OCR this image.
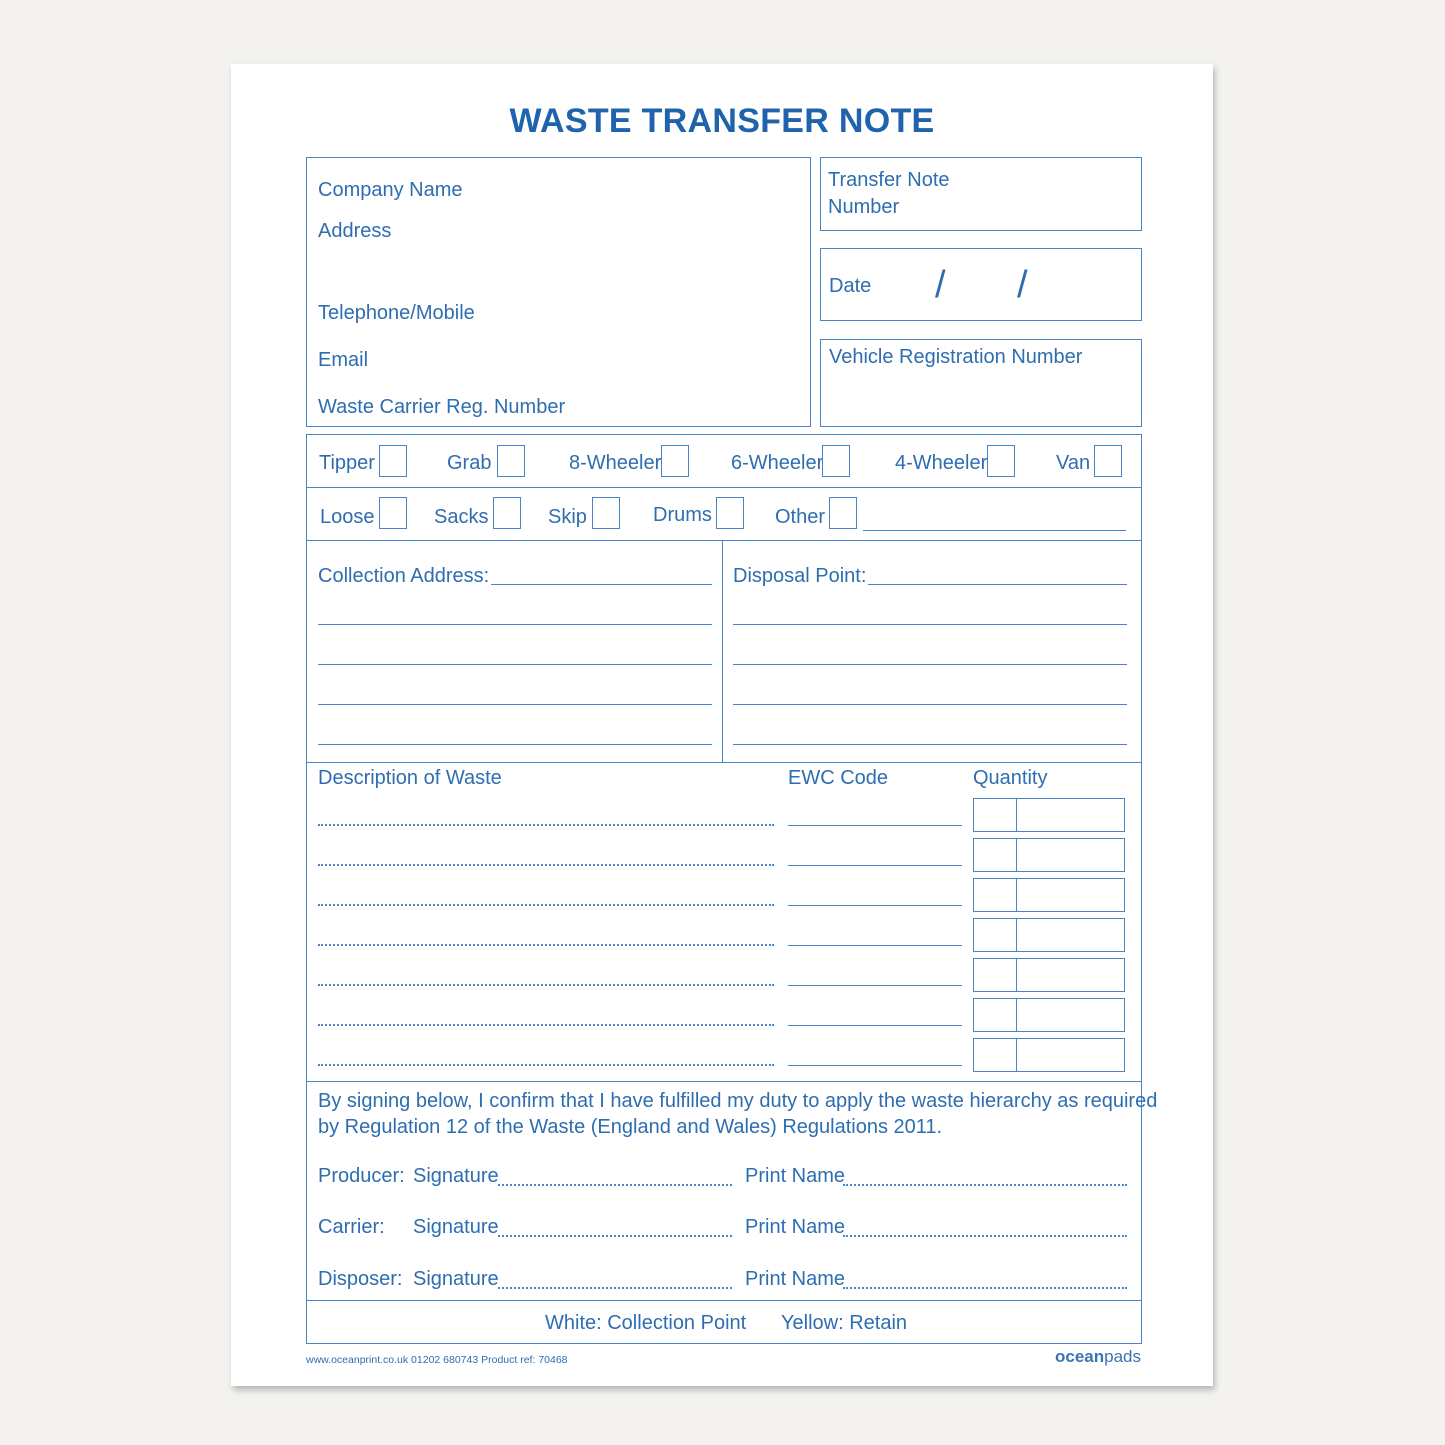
WASTE TRANSFER NOTE
Company Name
Address
Telephone/Mobile
Email
Waste Carrier Reg. Number
Transfer Note
Number
Date / /
Vehicle Registration Number
Tipper	Grab	8-Wheeler	6-Wheeler	4-Wheeler	Van
Loose	Sacks	Skip	Drums	Other
Collection Address:	Disposal Point:
Description of Waste	EWC Code	Quantity
By signing below, I confirm that I have fulfilled my duty to apply the waste hierarchy as required
by Regulation 12 of the Waste (England and Wales) Regulations 2011.
Producer: Signature	Print Name
Carrier: Signature	Print Name
Disposer: Signature	Print Name
White: Collection Point Yellow: Retain
www.oceanprint.co.uk 01202 680743 Product ref: 70468	oceanpads
